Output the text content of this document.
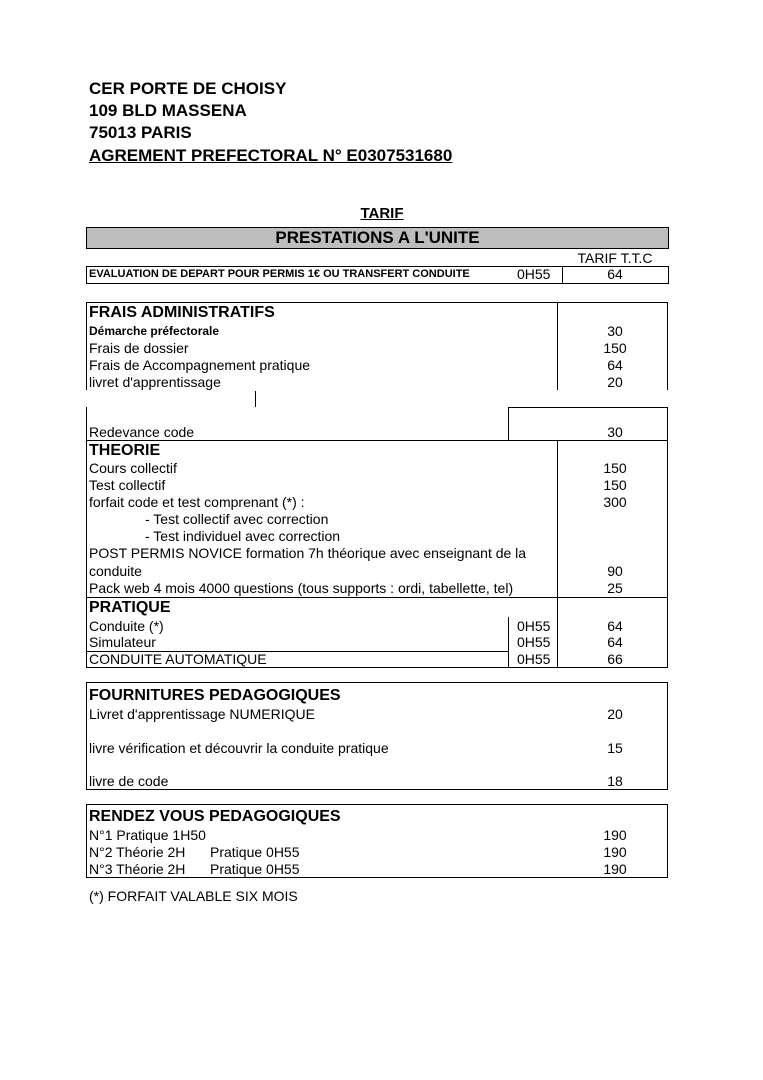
CER PORTE DE CHOISY
109 BLD MASSENA
75013 PARIS
AGREMENT PREFECTORAL N° E0307531680
TARIF
PRESTATIONS A L'UNITE
TARIF T.T.C
EVALUATION DE DEPART POUR PERMIS 1€ OU TRANSFERT CONDUITE	0H55	64
FRAIS ADMINISTRATIFS
Démarche préfectorale	30
Frais de dossier	150
Frais de Accompagnement pratique	64
livret d'apprentissage	20
Redevance code	30
THEORIE
Cours collectif	150
Test collectif	150
forfait code et test comprenant (*) :	300
- Test collectif avec correction
- Test individuel avec correction
POST PERMIS NOVICE formation 7h théorique avec enseignant de la
conduite	90
Pack web 4 mois 4000 questions (tous supports : ordi, tabellette, tel)	25
PRATIQUE
Conduite (*)	0H55	64
Simulateur	0H55	64
CONDUITE AUTOMATIQUE	0H55	66
FOURNITURES PEDAGOGIQUES
Livret d'apprentissage NUMERIQUE	20
livre vérification et découvrir la conduite pratique	15
livre de code	18
RENDEZ VOUS PEDAGOGIQUES
N°1 Pratique 1H50	190
N°2 Théorie 2H Pratique 0H55	190
N°3 Théorie 2H Pratique 0H55	190
(*) FORFAIT VALABLE SIX MOIS
